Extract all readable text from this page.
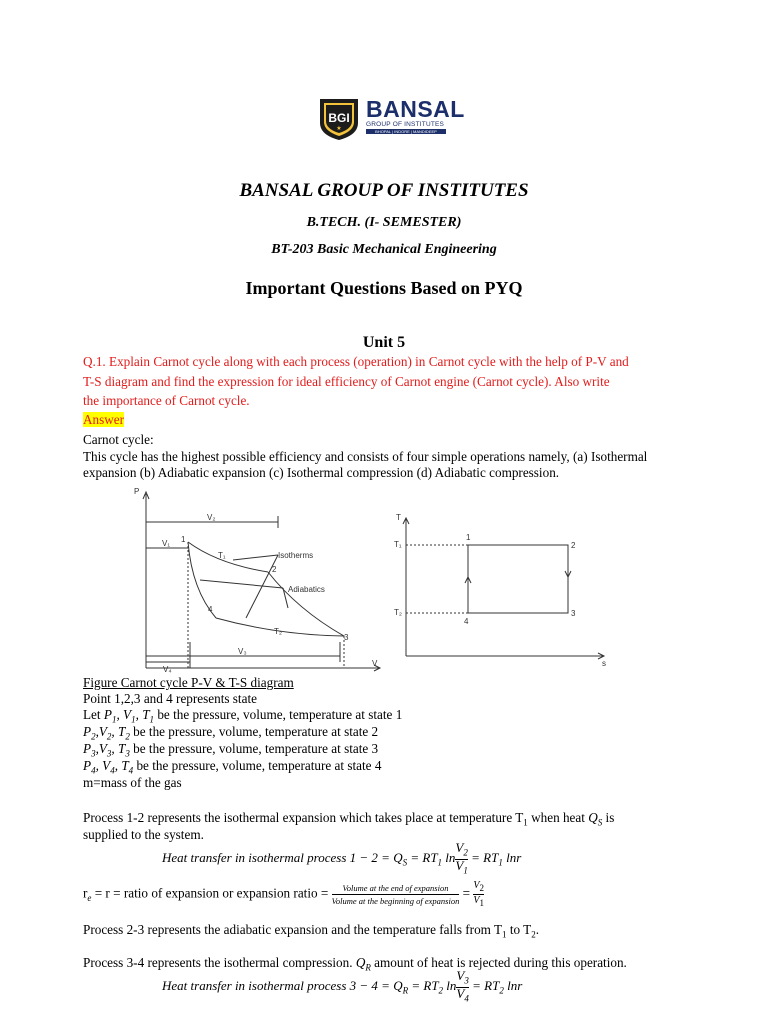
BGI
★
BANSAL
GROUP OF INSTITUTES
BHOPAL | INDORE | MANDIDEEP
BANSAL GROUP OF INSTITUTES
B.TECH. (I- SEMESTER)
BT-203 Basic Mechanical Engineering
Important Questions Based on PYQ
Unit 5
Q.1. Explain Carnot cycle along with each process (operation) in Carnot cycle with the help of P-V and
T-S diagram and find the expression for ideal efficiency of Carnot engine (Carnot cycle). Also write
the importance of Carnot cycle.
Answer
Carnot cycle:
This cycle has the highest possible efficiency and consists of four simple operations namely, (a) Isothermal
expansion (b) Adiabatic expansion (c) Isothermal compression (d) Adiabatic compression.
P
V
V₂
V₁
V₃
V₄
Isotherms
Adiabatics
T₁
T₂
1
2
3
4
T
s
T₁
T₂
1
2
3
4
Figure Carnot cycle P-V & T-S diagram
Point 1,2,3 and 4 represents state
Let $P_1$, $V_1$, $T_1$ be the pressure, volume, temperature at state 1
$P_2,V_2$, $T_2$ be the pressure, volume, temperature at state 2
$P_3,V_3$, $T_3$ be the pressure, volume, temperature at state 3
$P_4$, $V_4$, $T_4$ be the pressure, volume, temperature at state 4
m=mass of the gas
Process 1-2 represents the isothermal expansion which takes place at temperature $T_1$ when heat $Q_S$ is
supplied to the system.
Heat transfer in isothermal process $1 - 2 = Q_S = RT_1$ $\ln \frac{V_2}{V_1} = RT_1$ lnr
$r_e = r$ = ratio of expansion or expansion ratio = $\frac{\text{Volume at the end of expansion}}{\text{Volume at the beginning of expansion}} = \frac{V_2}{V_1}$
Process 2-3 represents the adiabatic expansion and the temperature falls from $T_1$ to $T_2$.
Process 3-4 represents the isothermal compression. $Q_R$ amount of heat is rejected during this operation.
Heat transfer in isothermal process $3 - 4 = Q_R = RT_2$ $\ln \frac{V_3}{V_4} = RT_2$ lnr
